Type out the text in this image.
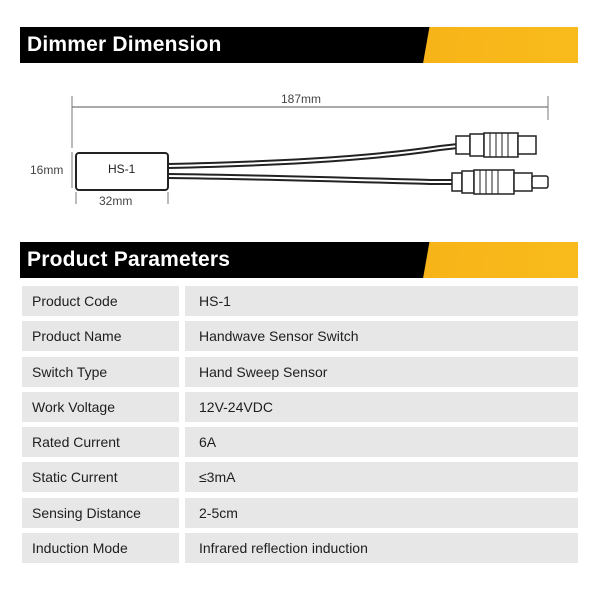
Dimmer Dimension
187mm
16mm
32mm
HS-1
Product Parameters
Product Code	HS-1
Product Name	Handwave Sensor Switch
Switch Type	Hand Sweep Sensor
Work Voltage	12V-24VDC
Rated Current	6A
Static Current	≤3mA
Sensing Distance	2-5cm
Induction Mode	Infrared reflection induction
